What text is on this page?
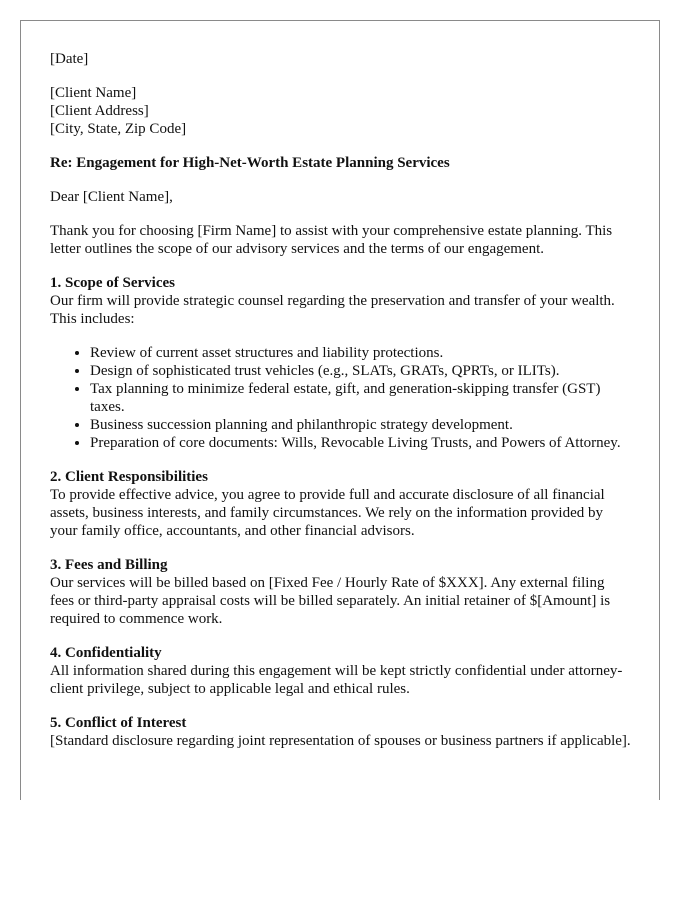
[Date]

[Client Name]

[Client Address]

[City, State, Zip Code]

Re: Engagement for High-Net-Worth Estate Planning Services

Dear [Client Name],

Thank you for choosing [Firm Name] to assist with your comprehensive estate planning. This letter outlines the scope of our advisory services and the terms of our engagement.

1. Scope of Services

Our firm will provide strategic counsel regarding the preservation and transfer of your wealth. This includes:

• Review of current asset structures and liability protections.
• Design of sophisticated trust vehicles (e.g., SLATs, GRATs, QPRTs, or ILITs).
• Tax planning to minimize federal estate, gift, and generation-skipping transfer (GST) taxes.
• Business succession planning and philanthropic strategy development.
• Preparation of core documents: Wills, Revocable Living Trusts, and Powers of Attorney.

2. Client Responsibilities

To provide effective advice, you agree to provide full and accurate disclosure of all financial assets, business interests, and family circumstances. We rely on the information provided by your family office, accountants, and other financial advisors.

3. Fees and Billing

Our services will be billed based on [Fixed Fee / Hourly Rate of $XXX]. Any external filing fees or third-party appraisal costs will be billed separately. An initial retainer of $[Amount] is required to commence work.

4. Confidentiality

All information shared during this engagement will be kept strictly confidential under attorney-client privilege, subject to applicable legal and ethical rules.

5. Conflict of Interest

[Standard disclosure regarding joint representation of spouses or business partners if applicable].
